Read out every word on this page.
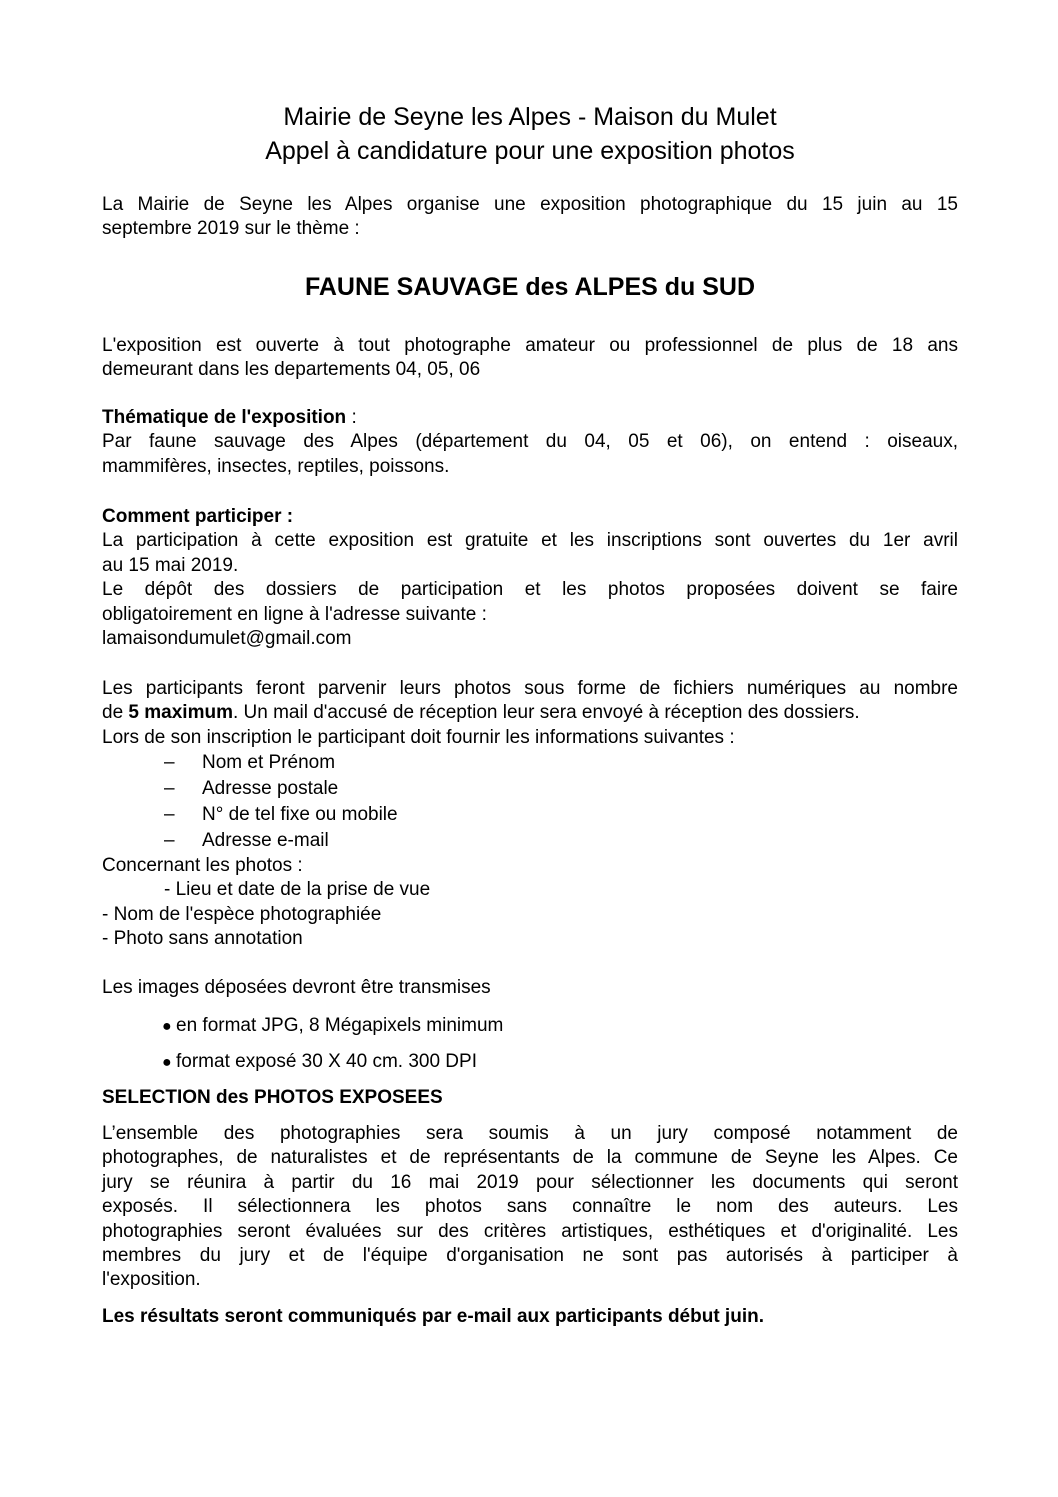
Mairie de Seyne les Alpes - Maison du Mulet
Appel à candidature pour une exposition photos
La Mairie de Seyne les Alpes organise une exposition photographique du 15 juin au 15
septembre 2019 sur le thème :
FAUNE SAUVAGE des ALPES du SUD
L'exposition est ouverte à tout photographe amateur ou professionnel de plus de 18 ans
demeurant dans les departements 04, 05, 06
Thématique de l'exposition :
Par faune sauvage des Alpes (département du 04, 05 et 06), on entend : oiseaux,
mammifères, insectes, reptiles, poissons.
Comment participer :
La participation à cette exposition est gratuite et les inscriptions sont ouvertes du 1er avril
au 15 mai 2019.
Le dépôt des dossiers de participation et les photos proposées doivent se faire
obligatoirement en ligne à l'adresse suivante :
lamaisondumulet@gmail.com
Les participants feront parvenir leurs photos sous forme de fichiers numériques au nombre
de 5 maximum. Un mail d'accusé de réception leur sera envoyé à réception des dossiers.
Lors de son inscription le participant doit fournir les informations suivantes :
– Nom et Prénom
– Adresse postale
– N° de tel fixe ou mobile
– Adresse e-mail
Concernant les photos :
- Lieu et date de la prise de vue
- Nom de l'espèce photographiée
- Photo sans annotation
Les images déposées devront être transmises
● en format JPG, 8 Mégapixels minimum
● format exposé 30 X 40 cm. 300 DPI
SELECTION des PHOTOS EXPOSEES
L’ensemble des photographies sera soumis à un jury composé notamment de
photographes, de naturalistes et de représentants de la commune de Seyne les Alpes. Ce
jury se réunira à partir du 16 mai 2019 pour sélectionner les documents qui seront
exposés. Il sélectionnera les photos sans connaître le nom des auteurs. Les
photographies seront évaluées sur des critères artistiques, esthétiques et d'originalité. Les
membres du jury et de l'équipe d'organisation ne sont pas autorisés à participer à
l'exposition.
Les résultats seront communiqués par e-mail aux participants début juin.
